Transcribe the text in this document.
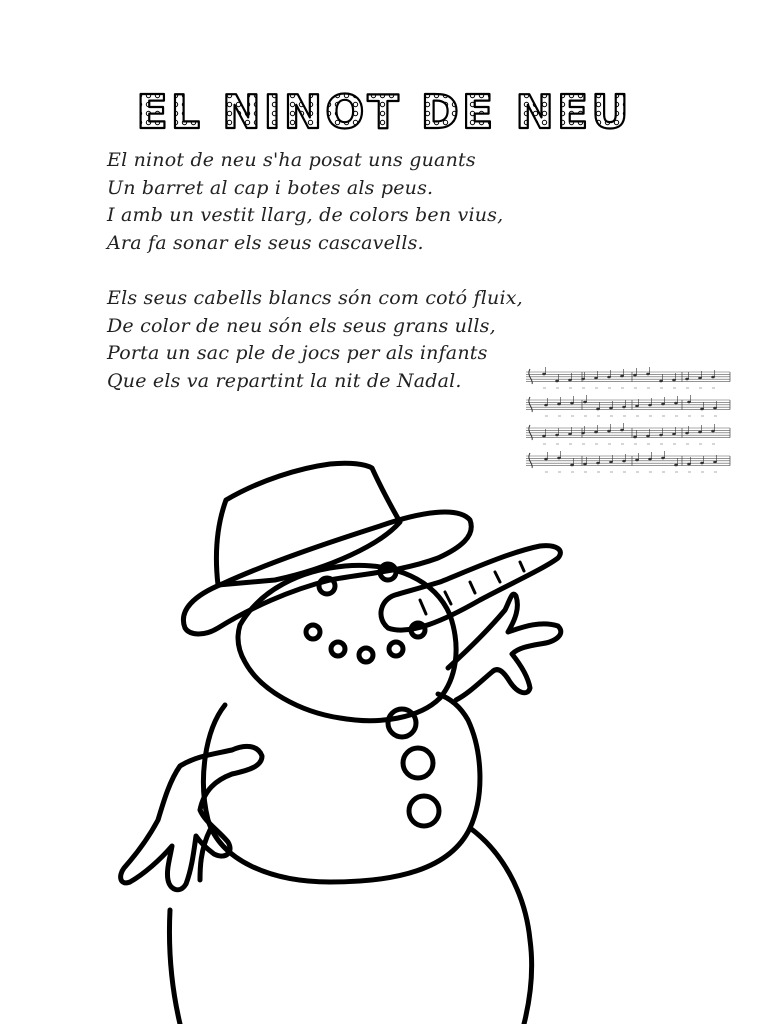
EL NINOT DE NEU
El ninot de neu s'ha posat uns guants
Un barret al cap i botes als peus.
I amb un vestit llarg, de colors ben vius,
Ara fa sonar els seus cascavells.
Els seus cabells blancs són com cotó fluix,
De color de neu són els seus grans ulls,
Porta un sac ple de jocs per als infants
Que els va repartint la nit de Nadal.
